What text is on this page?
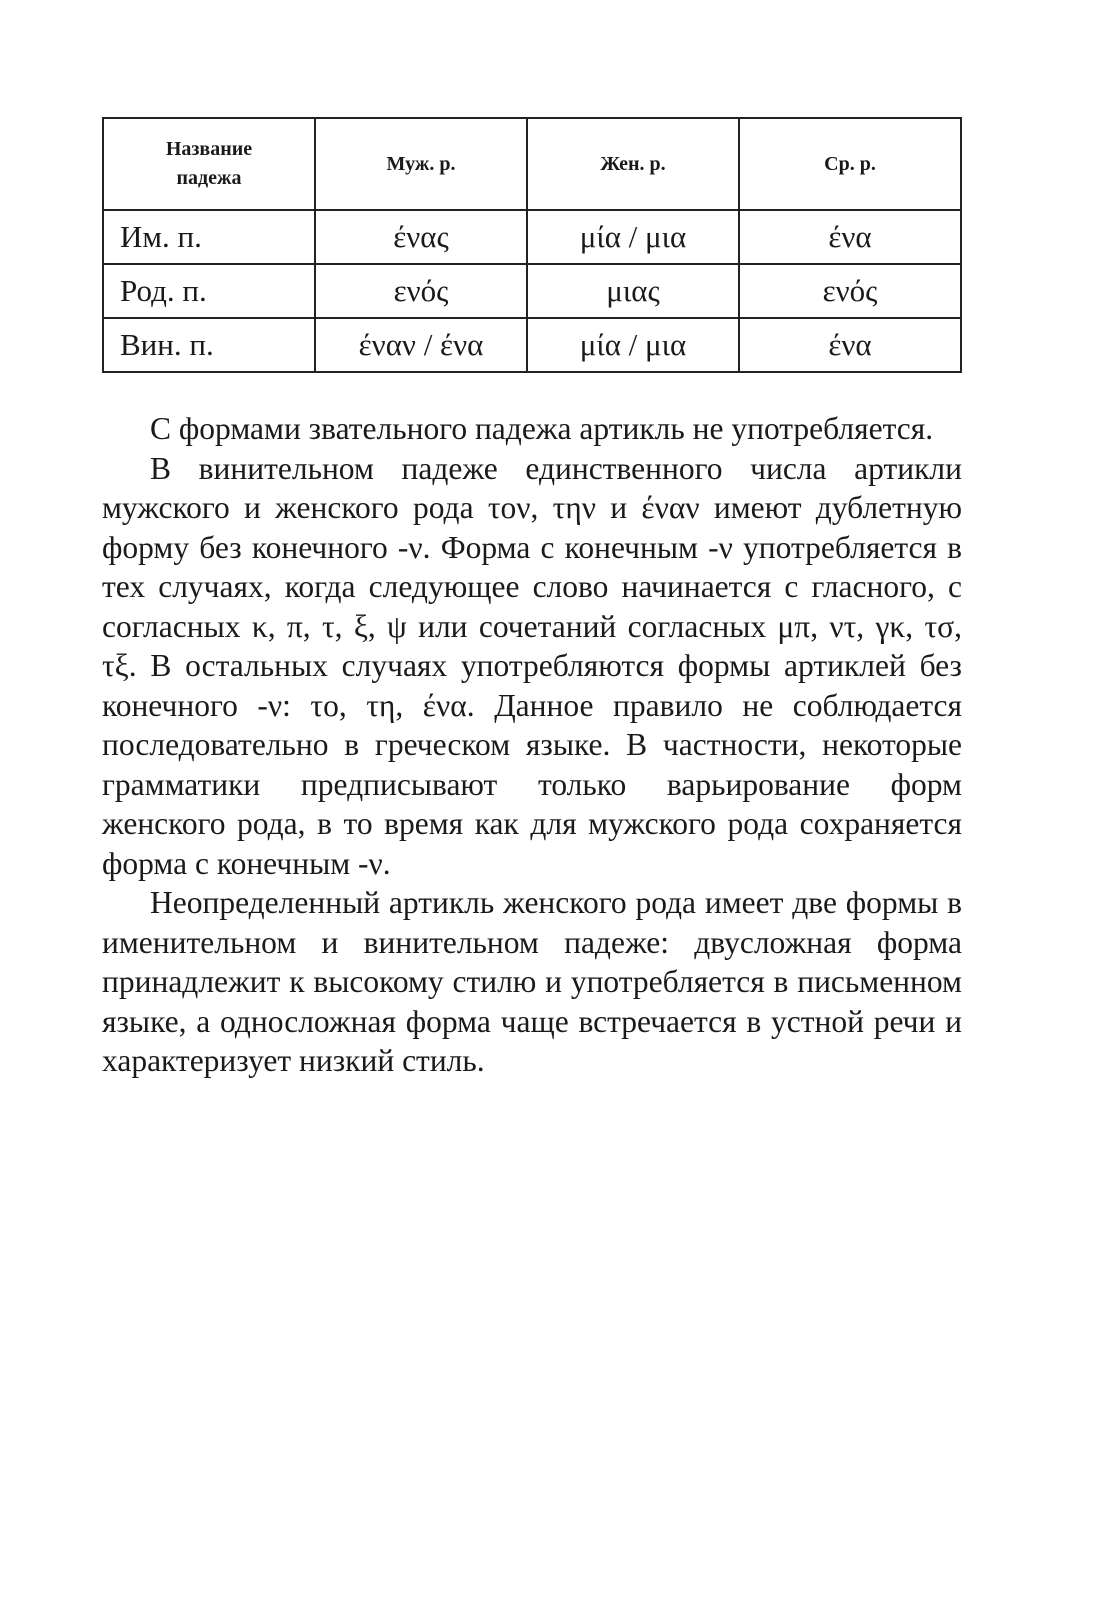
Название падежа	Муж. р.	Жен. р.	Ср. р.
Им. п.	ένας	μία / μια	ένα
Род. п.	ενός	μιας	ενός
Вин. п.	έναν / ένα	μία / μια	ένα

С формами звательного падежа артикль не употребляется.

В винительном падеже единственного числа артикли мужского и женского рода τον, την и έναν имеют дублетную форму без конечного -ν. Форма с конечным -ν употребляется в тех случаях, когда следующее слово начинается с гласного, с согласных κ, π, τ, ξ, ψ или сочетаний согласных μπ, ντ, γκ, τσ, τξ. В остальных случаях употребляются формы артиклей без конечного -ν: το, τη, ένα. Данное правило не соблюдается последовательно в греческом языке. В частности, некоторые грамматики предписывают только варьирование форм женского рода, в то время как для мужского рода сохраняется форма с конечным -ν.

Неопределенный артикль женского рода имеет две формы в именительном и винительном падеже: двусложная форма принадлежит к высокому стилю и употребляется в письменном языке, а односложная форма чаще встречается в устной речи и характеризует низкий стиль.
